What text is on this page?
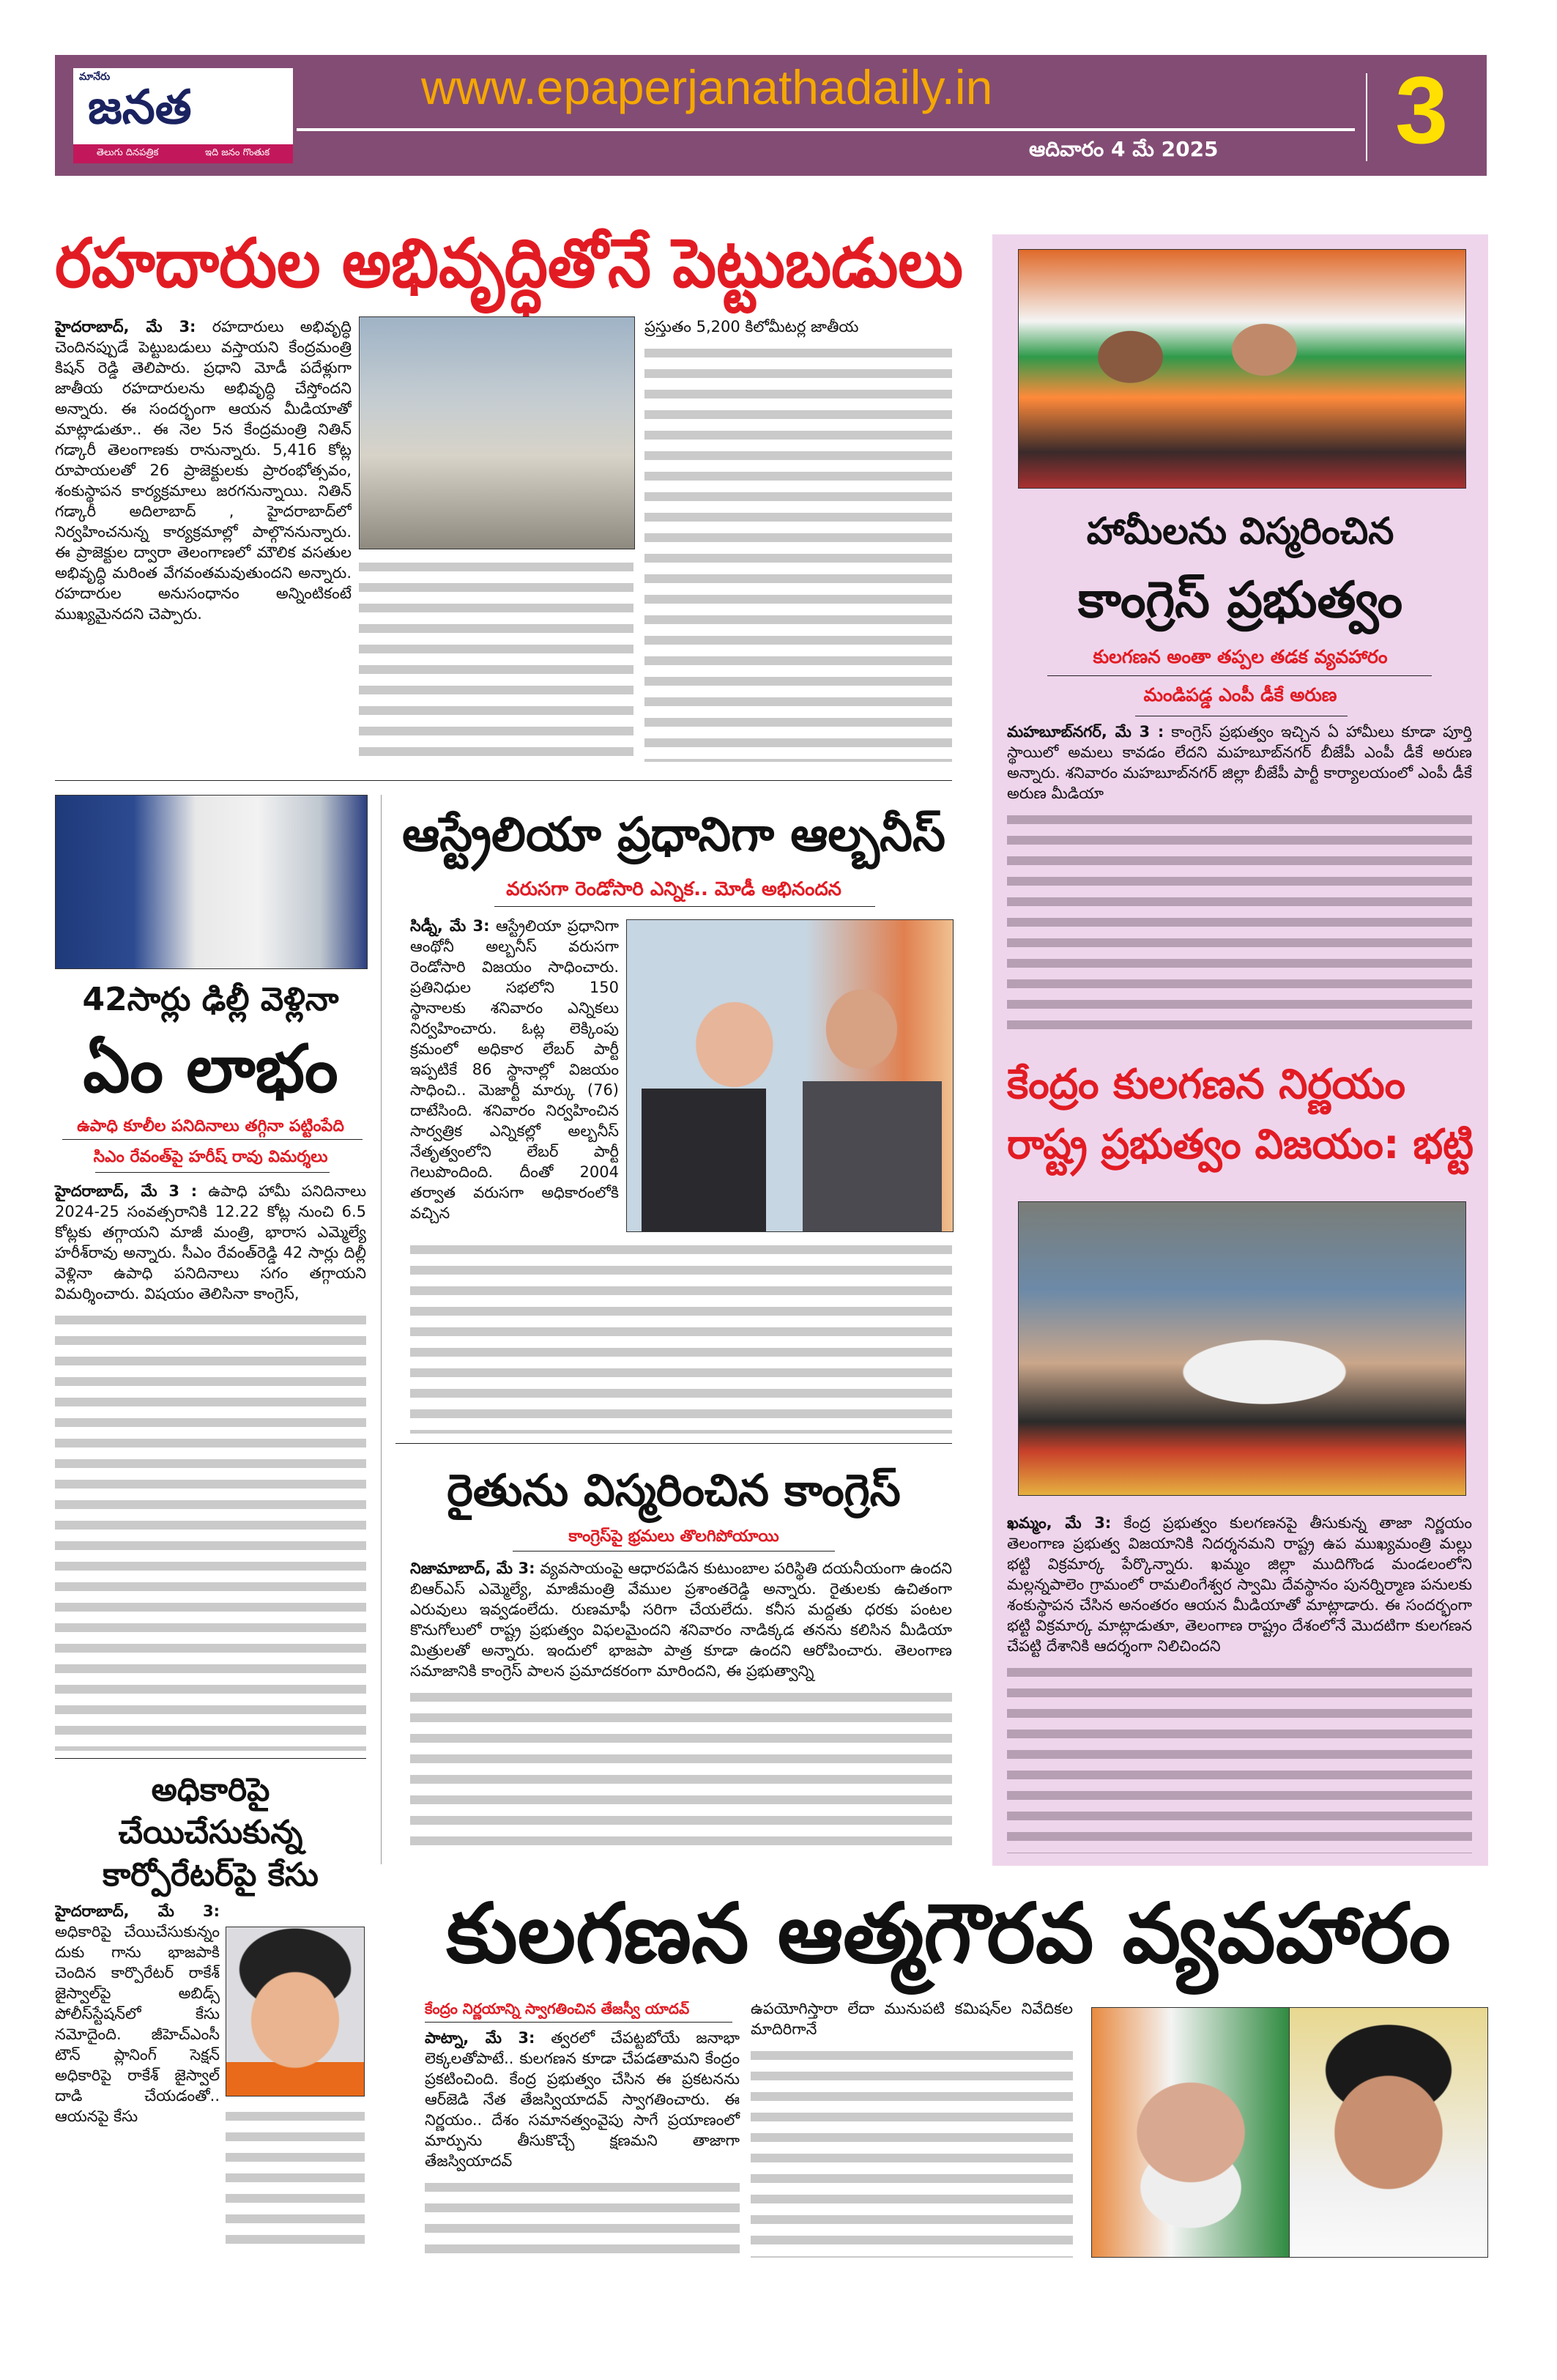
మానేరు
జనత
తెలుగు దినపత్రిక	ఇది జనం గొంతుక
www.epaperjanathadaily.in
ఆదివారం 4 మే 2025 3
రహదారుల అభివృద్ధితోనే పెట్టుబడులు
హైదరాబాద్, మే 3: రహదారులు అభివృద్ధి చెందినప్పుడే పెట్టుబడులు వస్తాయని కేంద్రమంత్రి కిషన్ రెడ్డి తెలిపారు. ప్రధాని మోడీ పదేళ్లుగా జాతీయ రహదారులను అభివృద్ధి చేస్తోందని అన్నారు. ఈ సందర్భంగా ఆయన మీడియాతో మాట్లాడుతూ.. ఈ నెల 5న కేంద్రమంత్రి నితిన్ గడ్కారీ తెలంగాణకు రానున్నారు. 5,416 కోట్ల రూపాయలతో 26 ప్రాజెక్టులకు ప్రారంభోత్సవం, శంకుస్థాపన కార్యక్రమాలు జరగనున్నాయి. నితిన్ గడ్కారీ అదిలాబాద్ , హైదరాబాద్‌లో నిర్వహించనున్న కార్యక్రమాల్లో పాల్గొననున్నారు. ఈ ప్రాజెక్టుల ద్వారా తెలంగాణలో మౌలిక వసతుల అభివృద్ధి మరింత వేగవంతమవుతుందని అన్నారు. రహదారుల అనుసంధానం అన్నింటికంటే ముఖ్యమైనదని చెప్పారు.
ప్రస్తుతం 5,200 కిలోమీటర్ల జాతీయ
42సార్లు ఢిల్లీ వెళ్లినా
ఏం లాభం
ఉపాధి కూలీల పనిదినాలు తగ్గినా పట్టింపేది
సిఎం రేవంత్‌పై హరీష్ రావు విమర్శలు
హైదరాబాద్, మే 3 : ఉపాధి హామీ పనిదినాలు 2024-25 సంవత్సరానికి 12.22 కోట్ల నుంచి 6.5 కోట్లకు తగ్గాయని మాజీ మంత్రి, భారాస ఎమ్మెల్యే హరీశ్‌రావు అన్నారు. సీఎం రేవంత్‌రెడ్డి 42 సార్లు దిల్లీ వెళ్లినా ఉపాధి పనిదినాలు సగం తగ్గాయని విమర్శించారు. విషయం తెలిసినా కాంగ్రెస్,
అధికారిపై
చేయిచేసుకున్న
కార్పోరేటర్‌పై కేసు
హైదరాబాద్, మే 3: అధికారిపై చేయిచేసుకున్నం దుకు గాను భాజపాకి చెందిన కార్పొరేటర్ రాకేశ్ జైస్వాల్‌పై అబిడ్స్ పోలీస్‌స్టేషన్‌లో కేసు నమోదైంది. జీహెచ్‌ఎంసీ టౌన్ ప్లానింగ్ సెక్షన్ అధికారిపై రాకేశ్ జైస్వాల్ దాడి చేయడంతో.. ఆయనపై కేసు
ఆస్ట్రేలియా ప్రధానిగా ఆల్బనీస్
వరుసగా రెండోసారి ఎన్నిక.. మోడీ అభినందన
సిడ్నీ, మే 3: ఆస్ట్రేలియా ప్రధానిగా ఆంథోనీ అల్బనీస్ వరుసగా రెండోసారి విజయం సాధించారు. ప్రతినిధుల సభలోని 150 స్థానాలకు శనివారం ఎన్నికలు నిర్వహించారు. ఓట్ల లెక్కింపు క్రమంలో అధికార లేబర్ పార్టీ ఇప్పటికే 86 స్థానాల్లో విజయం సాధించి.. మెజార్టీ మార్కు (76) దాటేసింది. శనివారం నిర్వహించిన సార్వత్రిక ఎన్నికల్లో అల్బనీస్ నేతృత్వంలోని లేబర్ పార్టీ గెలుపొందింది. దీంతో 2004 తర్వాత వరుసగా అధికారంలోకి వచ్చిన
రైతును విస్మరించిన కాంగ్రెస్
కాంగ్రెస్‌పై భ్రమలు తొలగిపోయాయి
నిజామాబాద్, మే 3: వ్యవసాయంపై ఆధారపడిన కుటుంబాల పరిస్థితి దయనీయంగా ఉందని బిఆర్ఎస్ ఎమ్మెల్యే, మాజీమంత్రి వేముల ప్రశాంతరెడ్డి అన్నారు. రైతులకు ఉచితంగా ఎరువులు ఇవ్వడంలేదు. రుణమాఫీ సరిగా చేయలేదు. కనీస మద్దతు ధరకు పంటల కొనుగోలులో రాష్ట్ర ప్రభుత్వం విఫలమైందని శనివారం నాడిక్కడ తనను కలిసిన మీడియా మిత్రులతో అన్నారు. ఇందులో భాజపా పాత్ర కూడా ఉందని ఆరోపించారు. తెలంగాణ సమాజానికి కాంగ్రెస్ పాలన ప్రమాదకరంగా మారిందని, ఈ ప్రభుత్వాన్ని
హామీలను విస్మరించిన
కాంగ్రెస్ ప్రభుత్వం
కులగణన అంతా తప్పల తడక వ్యవహారం
మండిపడ్డ ఎంపీ డీకే అరుణ
మహబూబ్‌నగర్, మే 3 : కాంగ్రెస్ ప్రభుత్వం ఇచ్చిన ఏ హామీలు కూడా పూర్తి స్థాయిలో అమలు కావడం లేదని మహబూబ్‌నగర్ బీజేపీ ఎంపీ డీకే అరుణ అన్నారు. శనివారం మహబూబ్‌నగర్ జిల్లా బీజేపీ పార్టీ కార్యాలయంలో ఎంపీ డీకే అరుణ మీడియా
కేంద్రం కులగణన నిర్ణయం
రాష్ట్ర ప్రభుత్వం విజయం: భట్టి
ఖమ్మం, మే 3: కేంద్ర ప్రభుత్వం కులగణనపై తీసుకున్న తాజా నిర్ణయం తెలంగాణ ప్రభుత్వ విజయానికి నిదర్శనమని రాష్ట్ర ఉప ముఖ్యమంత్రి మల్లు భట్టి విక్రమార్క పేర్కొన్నారు. ఖమ్మం జిల్లా ముదిగొండ మండలంలోని మల్లన్నపాలెం గ్రామంలో రామలింగేశ్వర స్వామి దేవస్థానం పునర్నిర్మాణ పనులకు శంకుస్థాపన చేసిన అనంతరం ఆయన మీడియాతో మాట్లాడారు. ఈ సందర్భంగా భట్టి విక్రమార్క మాట్లాడుతూ, తెలంగాణ రాష్ట్రం దేశంలోనే మొదటిగా కులగణన చేపట్టి దేశానికి ఆదర్శంగా నిలిచిందని
కులగణన ఆత్మగౌరవ వ్యవహారం
కేంద్రం నిర్ణయాన్ని స్వాగతించిన తేజస్వీ యాదవ్
పాట్నా, మే 3: త్వరలో చేపట్టబోయే జనాభా లెక్కలతోపాటే.. కులగణన కూడా చేపడతామని కేంద్రం ప్రకటించింది. కేంద్ర ప్రభుత్వం చేసిన ఈ ప్రకటనను ఆర్‌జెడి నేత తేజస్వియాదవ్ స్వాగతించారు. ఈ నిర్ణయం.. దేశం సమానత్వంవైపు సాగే ప్రయాణంలో మార్పును తీసుకొచ్చే క్షణమని తాజాగా తేజస్వియాదవ్
ఉపయోగిస్తారా లేదా మునుపటి కమిషన్‌ల నివేదికల మాదిరిగానే
